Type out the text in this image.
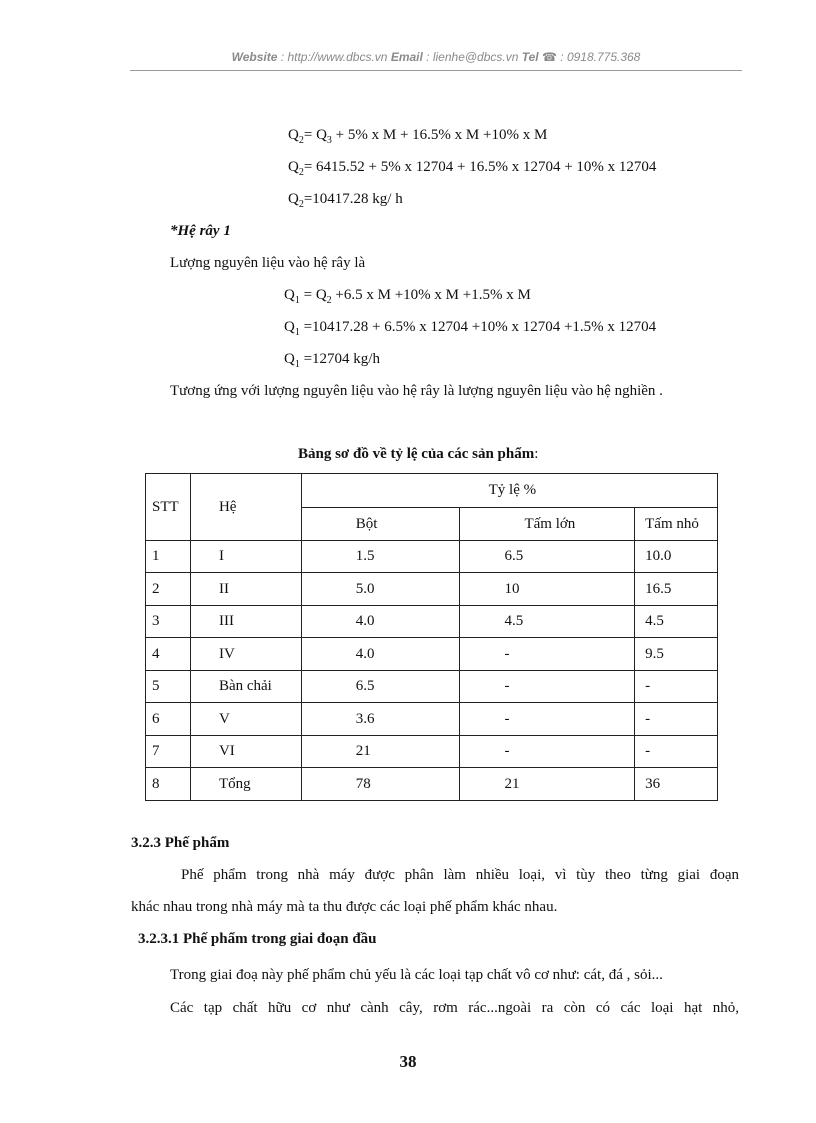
Website : http://www.dbcs.vn Email : lienhe@dbcs.vn Tel ☎ : 0918.775.368
$Q_2= Q_3 + 5\%$ x M + 16.5% x M +10% x M
$Q_2= 6415.52 + 5\%$ x 12704 + 16.5% x 12704 + 10% x 12704
$Q_2=10417.28$ kg/ h
*Hệ rây 1
Lượng nguyên liệu vào hệ rây là
$Q_1 = Q_2 +6.5$ x M +10% x M +1.5% x M
$Q_1 =10417.28 + 6.5\%$ x 12704 +10% x 12704 +1.5% x 12704
$Q_1 =12704$ kg/h
Tương ứng với lượng nguyên liệu vào hệ rây là lượng nguyên liệu vào hệ nghiền .
Bảng sơ đồ về tỷ lệ của các sản phẩm:
STT	Hệ	Tỷ lệ %		
		Bột	Tấm lớn	Tấm nhỏ
1	I	1.5	6.5	10.0
2	II	5.0	10	16.5
3	III	4.0	4.5	4.5
4	IV	4.0	-	9.5
5	Bàn chải	6.5	-	-
6	V	3.6	-	-
7	VI	21	-	-
8	Tổng	78	21	36
3.2.3 Phế phẩm
Phế phẩm trong nhà máy được phân làm nhiều loại, vì tùy theo từng giai đoạn
khác nhau trong nhà máy mà ta thu được các loại phế phẩm khác nhau.
3.2.3.1 Phế phẩm trong giai đoạn đầu
Trong giai đoạ này phế phẩm chủ yếu là các loại tạp chất vô cơ như: cát, đá , sỏi...
Các tạp chất hữu cơ như cành cây, rơm rác...ngoài ra còn có các loại hạt nhỏ,
38
